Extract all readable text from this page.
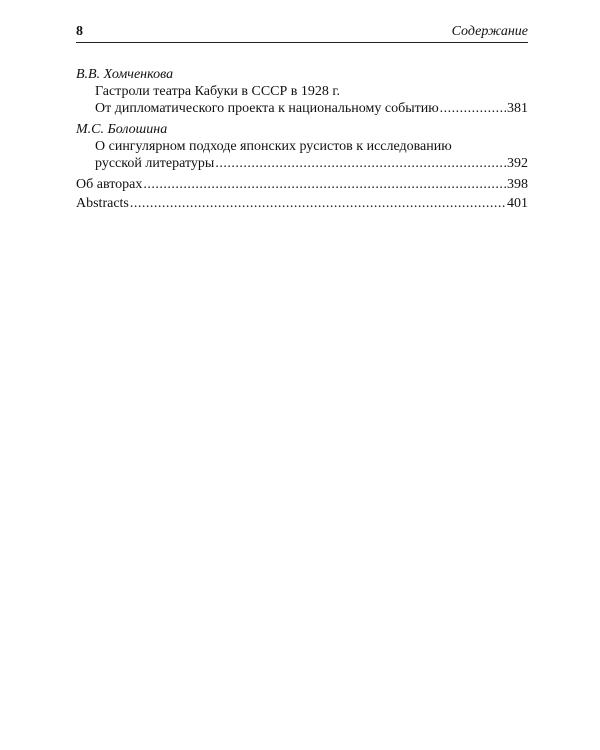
8	Содержание

В.В. Хомченкова

Гастроли театра Кабуки в СССР в 1928 г.
От дипломатического проекта к национальному событию .....	381

М.С. Болошина

О сингулярном подходе японских русистов к исследованию
русской литературы .....	.392
Об авторах .....	.398
Abstracts .....	401
